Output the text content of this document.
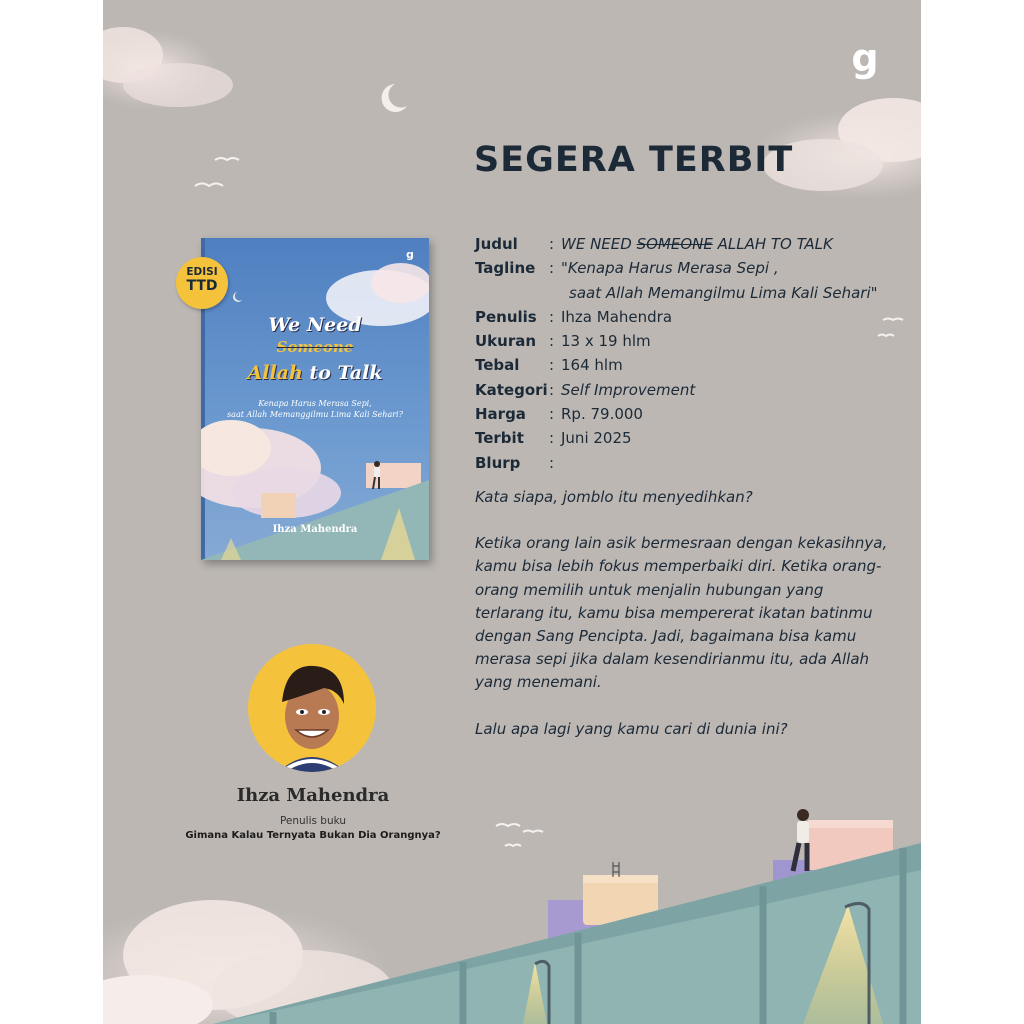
g
SEGERA TERBIT
We Need
Someone
Allah to Talk
Kenapa Harus Merasa Sepi,
saat Allah Memanggilmu Lima Kali Sehari?
Ihza Mahendra
g
EDISI
TTD
Judul	: WE NEED SOMEONE ALLAH TO TALK
Tagline : "Kenapa Harus Merasa Sepi ,
saat Allah Memangilmu Lima Kali Sehari"
Penulis : Ihza Mahendra
Ukuran : 13 x 19 hlm
Tebal	: 164 hlm
Kategori : Self Improvement
Harga	: Rp. 79.000
Terbit	: Juni 2025
Blurp	:

Kata siapa, jomblo itu menyedihkan?

Ketika orang lain asik bermesraan dengan kekasihnya, kamu bisa lebih fokus memperbaiki diri. Ketika orang-orang memilih untuk menjalin hubungan yang terlarang itu, kamu bisa mempererat ikatan batinmu dengan Sang Pencipta. Jadi, bagaimana bisa kamu merasa sepi jika dalam kesendirianmu itu, ada Allah yang menemani.

Lalu apa lagi yang kamu cari di dunia ini?

Ihza Mahendra
Penulis buku
Gimana Kalau Ternyata Bukan Dia Orangnya?
